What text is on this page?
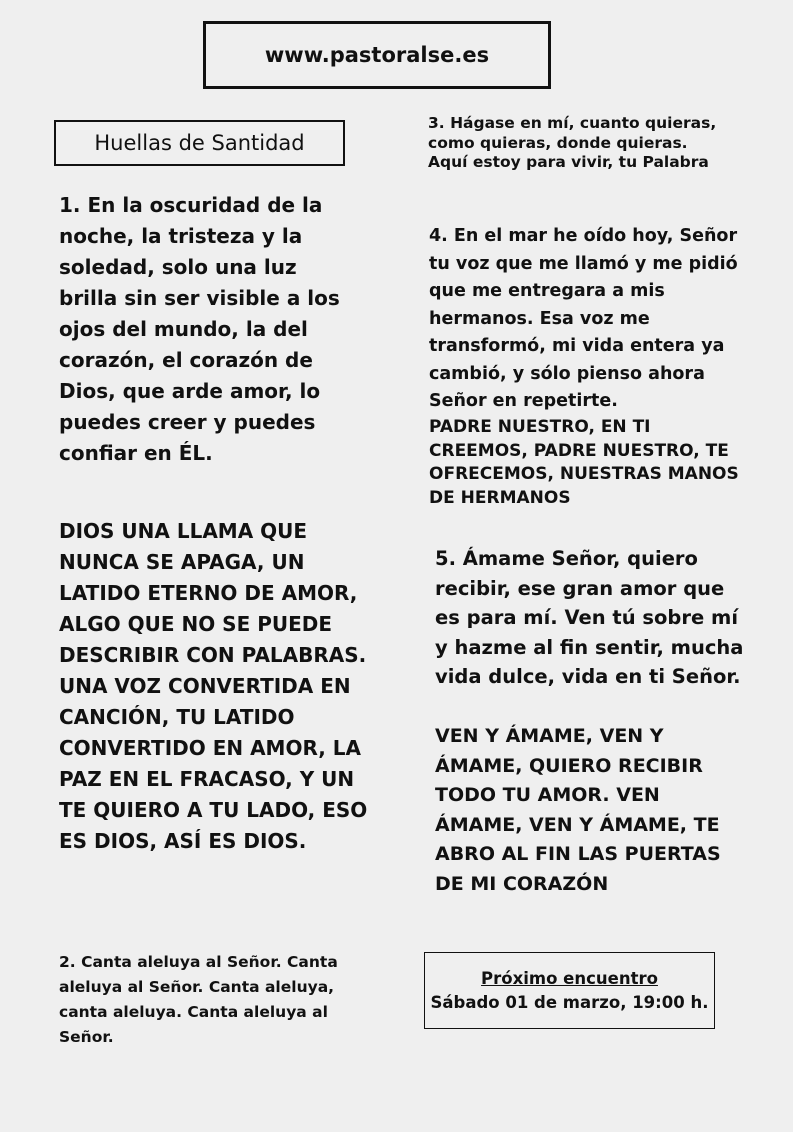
www.pastoralse.es
Huellas de Santidad

1. En la oscuridad de la noche, la tristeza y la soledad, solo una luz brilla sin ser visible a los ojos del mundo, la del corazón, el corazón de Dios, que arde amor, lo puedes creer y puedes confiar en ÉL.

DIOS UNA LLAMA QUE NUNCA SE APAGA, UN LATIDO ETERNO DE AMOR, ALGO QUE NO SE PUEDE DESCRIBIR CON PALABRAS. UNA VOZ CONVERTIDA EN CANCIÓN, TU LATIDO CONVERTIDO EN AMOR, LA PAZ EN EL FRACASO, Y UN TE QUIERO A TU LADO, ESO ES DIOS, ASÍ ES DIOS.

2. Canta aleluya al Señor. Canta aleluya al Señor. Canta aleluya, canta aleluya. Canta aleluya al Señor.

3. Hágase en mí, cuanto quieras, como quieras, donde quieras. Aquí estoy para vivir, tu Palabra

4. En el mar he oído hoy, Señor tu voz que me llamó y me pidió que me entregara a mis hermanos. Esa voz me transformó, mi vida entera ya cambió, y sólo pienso ahora Señor en repetirte.

PADRE NUESTRO, EN TI CREEMOS, PADRE NUESTRO, TE OFRECEMOS, NUESTRAS MANOS DE HERMANOS

5. Ámame Señor, quiero recibir, ese gran amor que es para mí. Ven tú sobre mí y hazme al fin sentir, mucha vida dulce, vida en ti Señor.

VEN Y ÁMAME, VEN Y ÁMAME, QUIERO RECIBIR TODO TU AMOR. VEN ÁMAME, VEN Y ÁMAME, TE ABRO AL FIN LAS PUERTAS DE MI CORAZÓN

Próximo encuentro
Sábado 01 de marzo, 19:00 h.
